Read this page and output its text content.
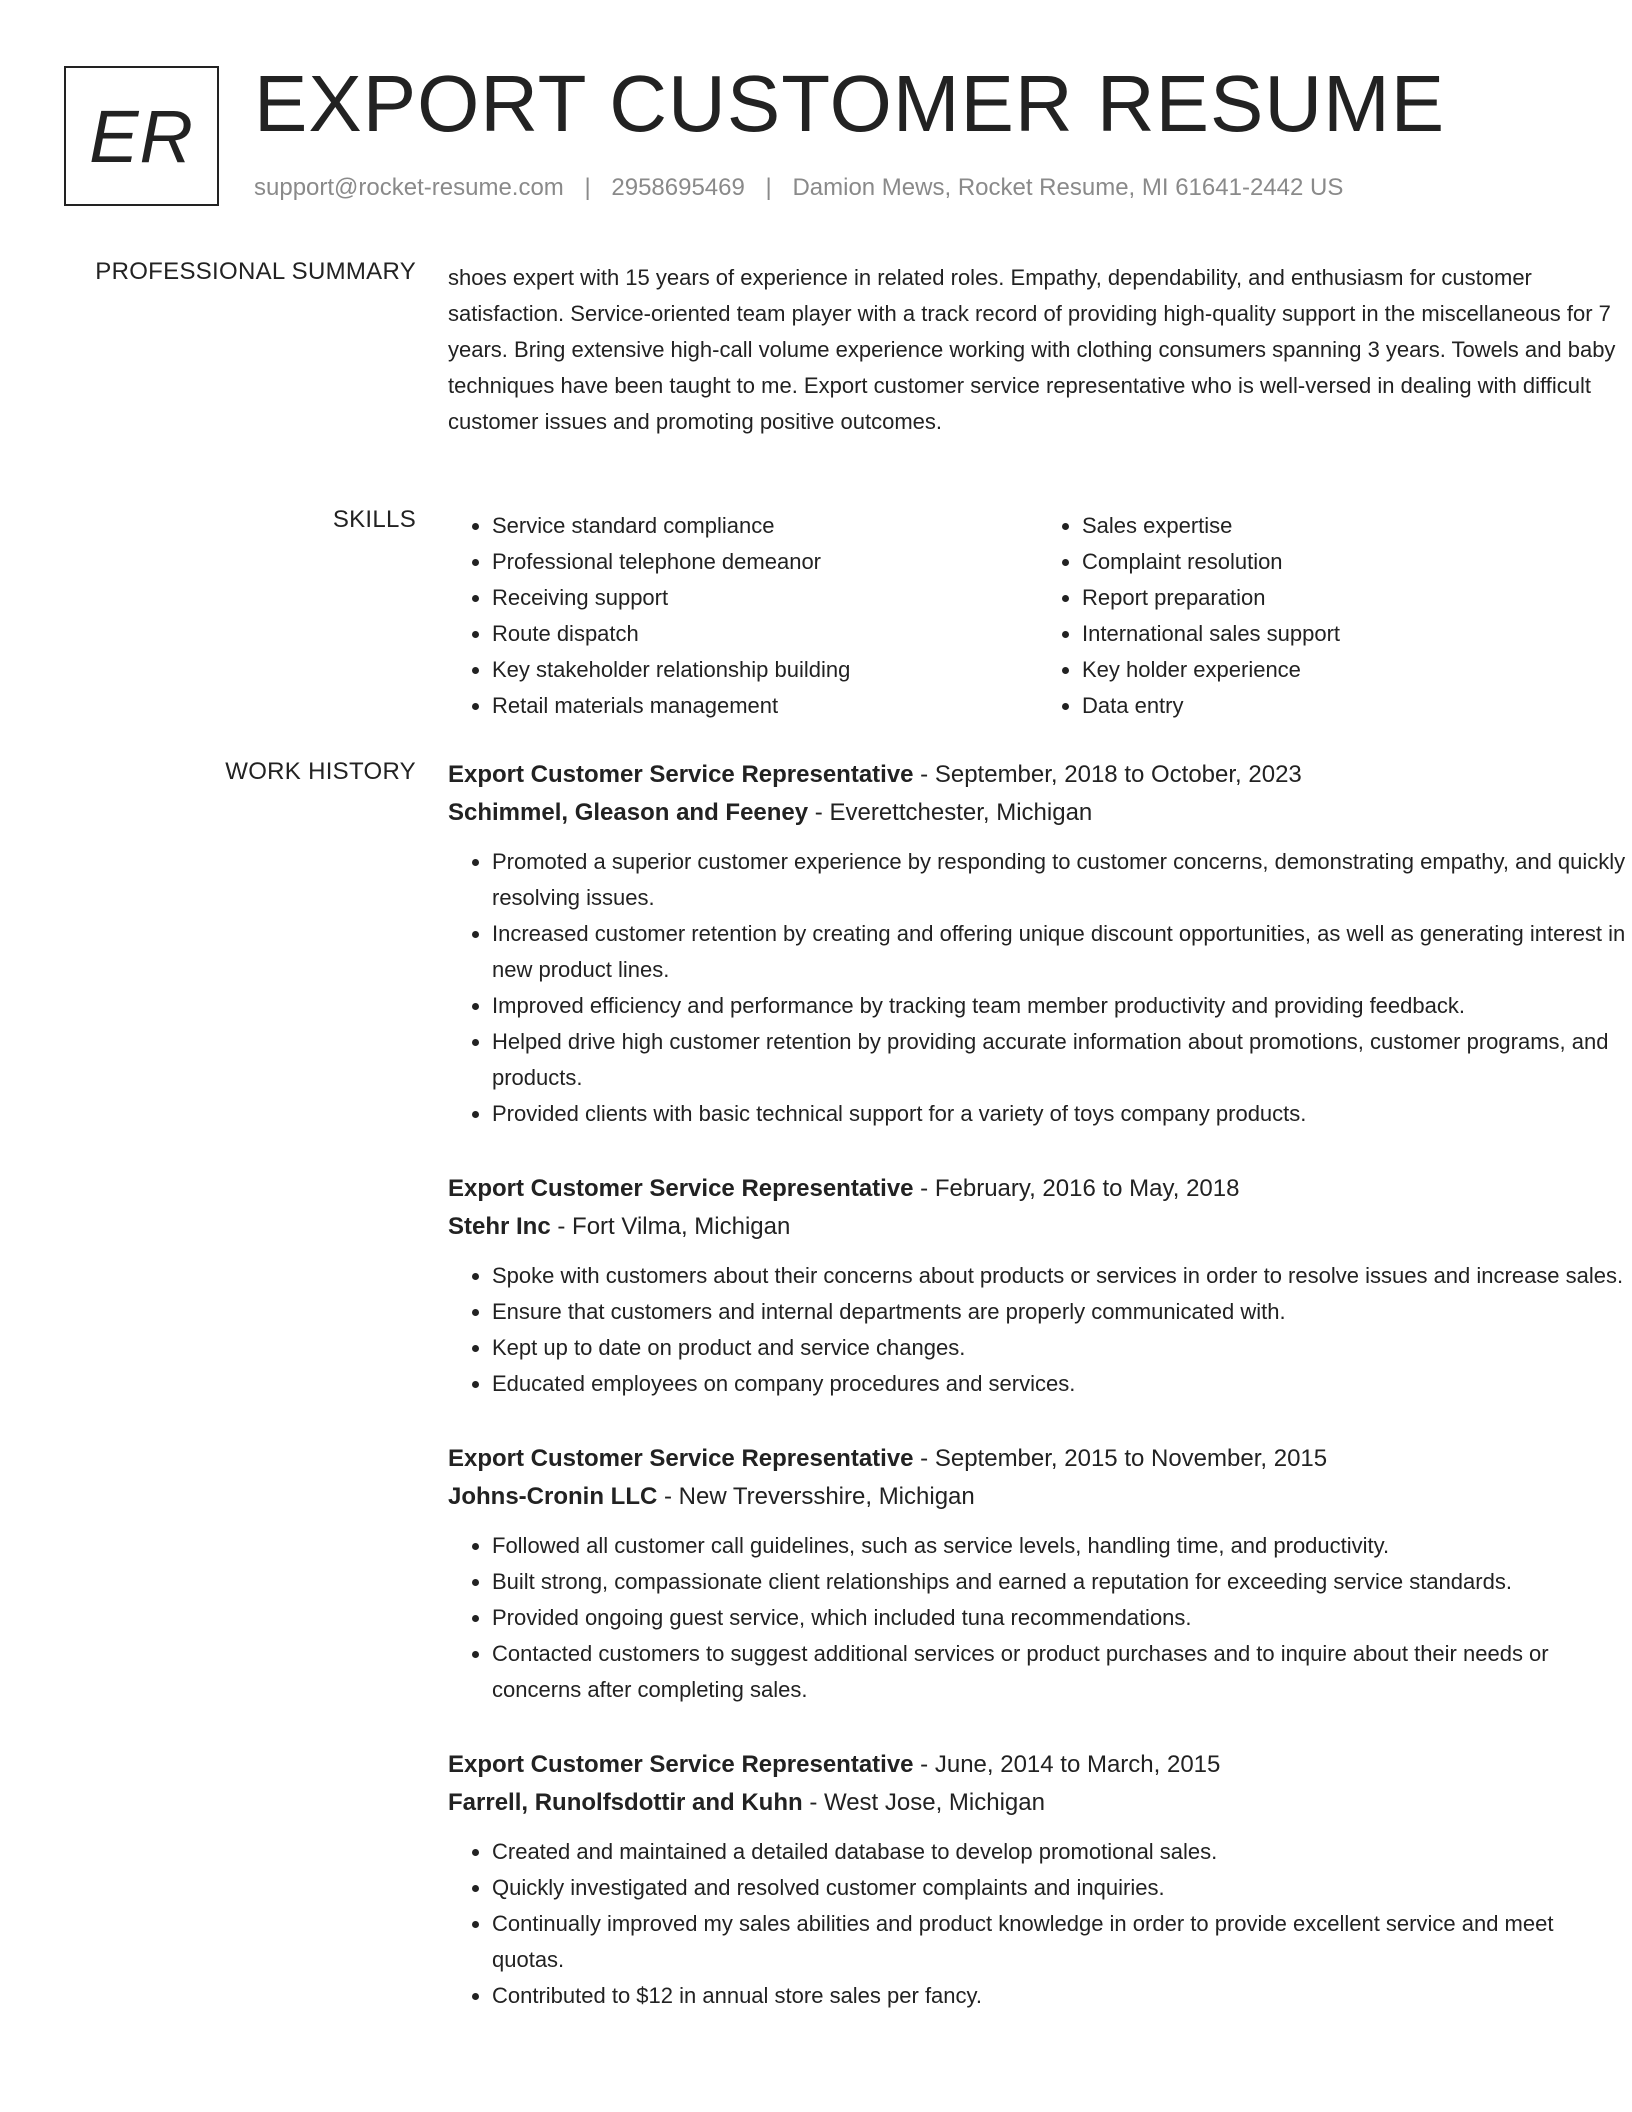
ER EXPORT CUSTOMER RESUME
support@rocket-resume.com | 2958695469 | Damion Mews, Rocket Resume, MI 61641-2442 US
PROFESSIONAL SUMMARY shoes expert with 15 years of experience in related roles. Empathy, dependability, and enthusiasm for customer satisfaction. Service-oriented team player with a track record of providing high-quality support in the miscellaneous for 7 years. Bring extensive high-call volume experience working with clothing consumers spanning 3 years. Towels and baby techniques have been taught to me. Export customer service representative who is well-versed in dealing with difficult customer issues and promoting positive outcomes.

SKILLS
•	Service standard compliance
• Professional telephone demeanor
• Receiving support
• Route dispatch
• Key stakeholder relationship building
• Retail materials management
• Sales expertise
• Complaint resolution
• Report preparation
• International sales support
• Key holder experience
• Data entry
WORK HISTORY Export Customer Service Representative - September, 2018 to October, 2023
Schimmel, Gleason and Feeney - Everettchester, Michigan
• Promoted a superior customer experience by responding to customer concerns, demonstrating empathy, and quickly resolving issues.
• Increased customer retention by creating and offering unique discount opportunities, as well as generating interest in new product lines.
• Improved efficiency and performance by tracking team member productivity and providing feedback.
• Helped drive high customer retention by providing accurate information about promotions, customer programs, and products.
• Provided clients with basic technical support for a variety of toys company products.
Export Customer Service Representative - February, 2016 to May, 2018
Stehr Inc - Fort Vilma, Michigan
• Spoke with customers about their concerns about products or services in order to resolve issues and increase sales.
• Ensure that customers and internal departments are properly communicated with.
• Kept up to date on product and service changes.
• Educated employees on company procedures and services.
Export Customer Service Representative - September, 2015 to November, 2015
Johns-Cronin LLC - New Treversshire, Michigan
• Followed all customer call guidelines, such as service levels, handling time, and productivity.
• Built strong, compassionate client relationships and earned a reputation for exceeding service standards.
• Provided ongoing guest service, which included tuna recommendations.
• Contacted customers to suggest additional services or product purchases and to inquire about their needs or concerns after completing sales.
Export Customer Service Representative - June, 2014 to March, 2015
Farrell, Runolfsdottir and Kuhn - West Jose, Michigan
• Created and maintained a detailed database to develop promotional sales.
• Quickly investigated and resolved customer complaints and inquiries.
• Continually improved my sales abilities and product knowledge in order to provide excellent service and meet quotas.
• Contributed to $12 in annual store sales per fancy.
